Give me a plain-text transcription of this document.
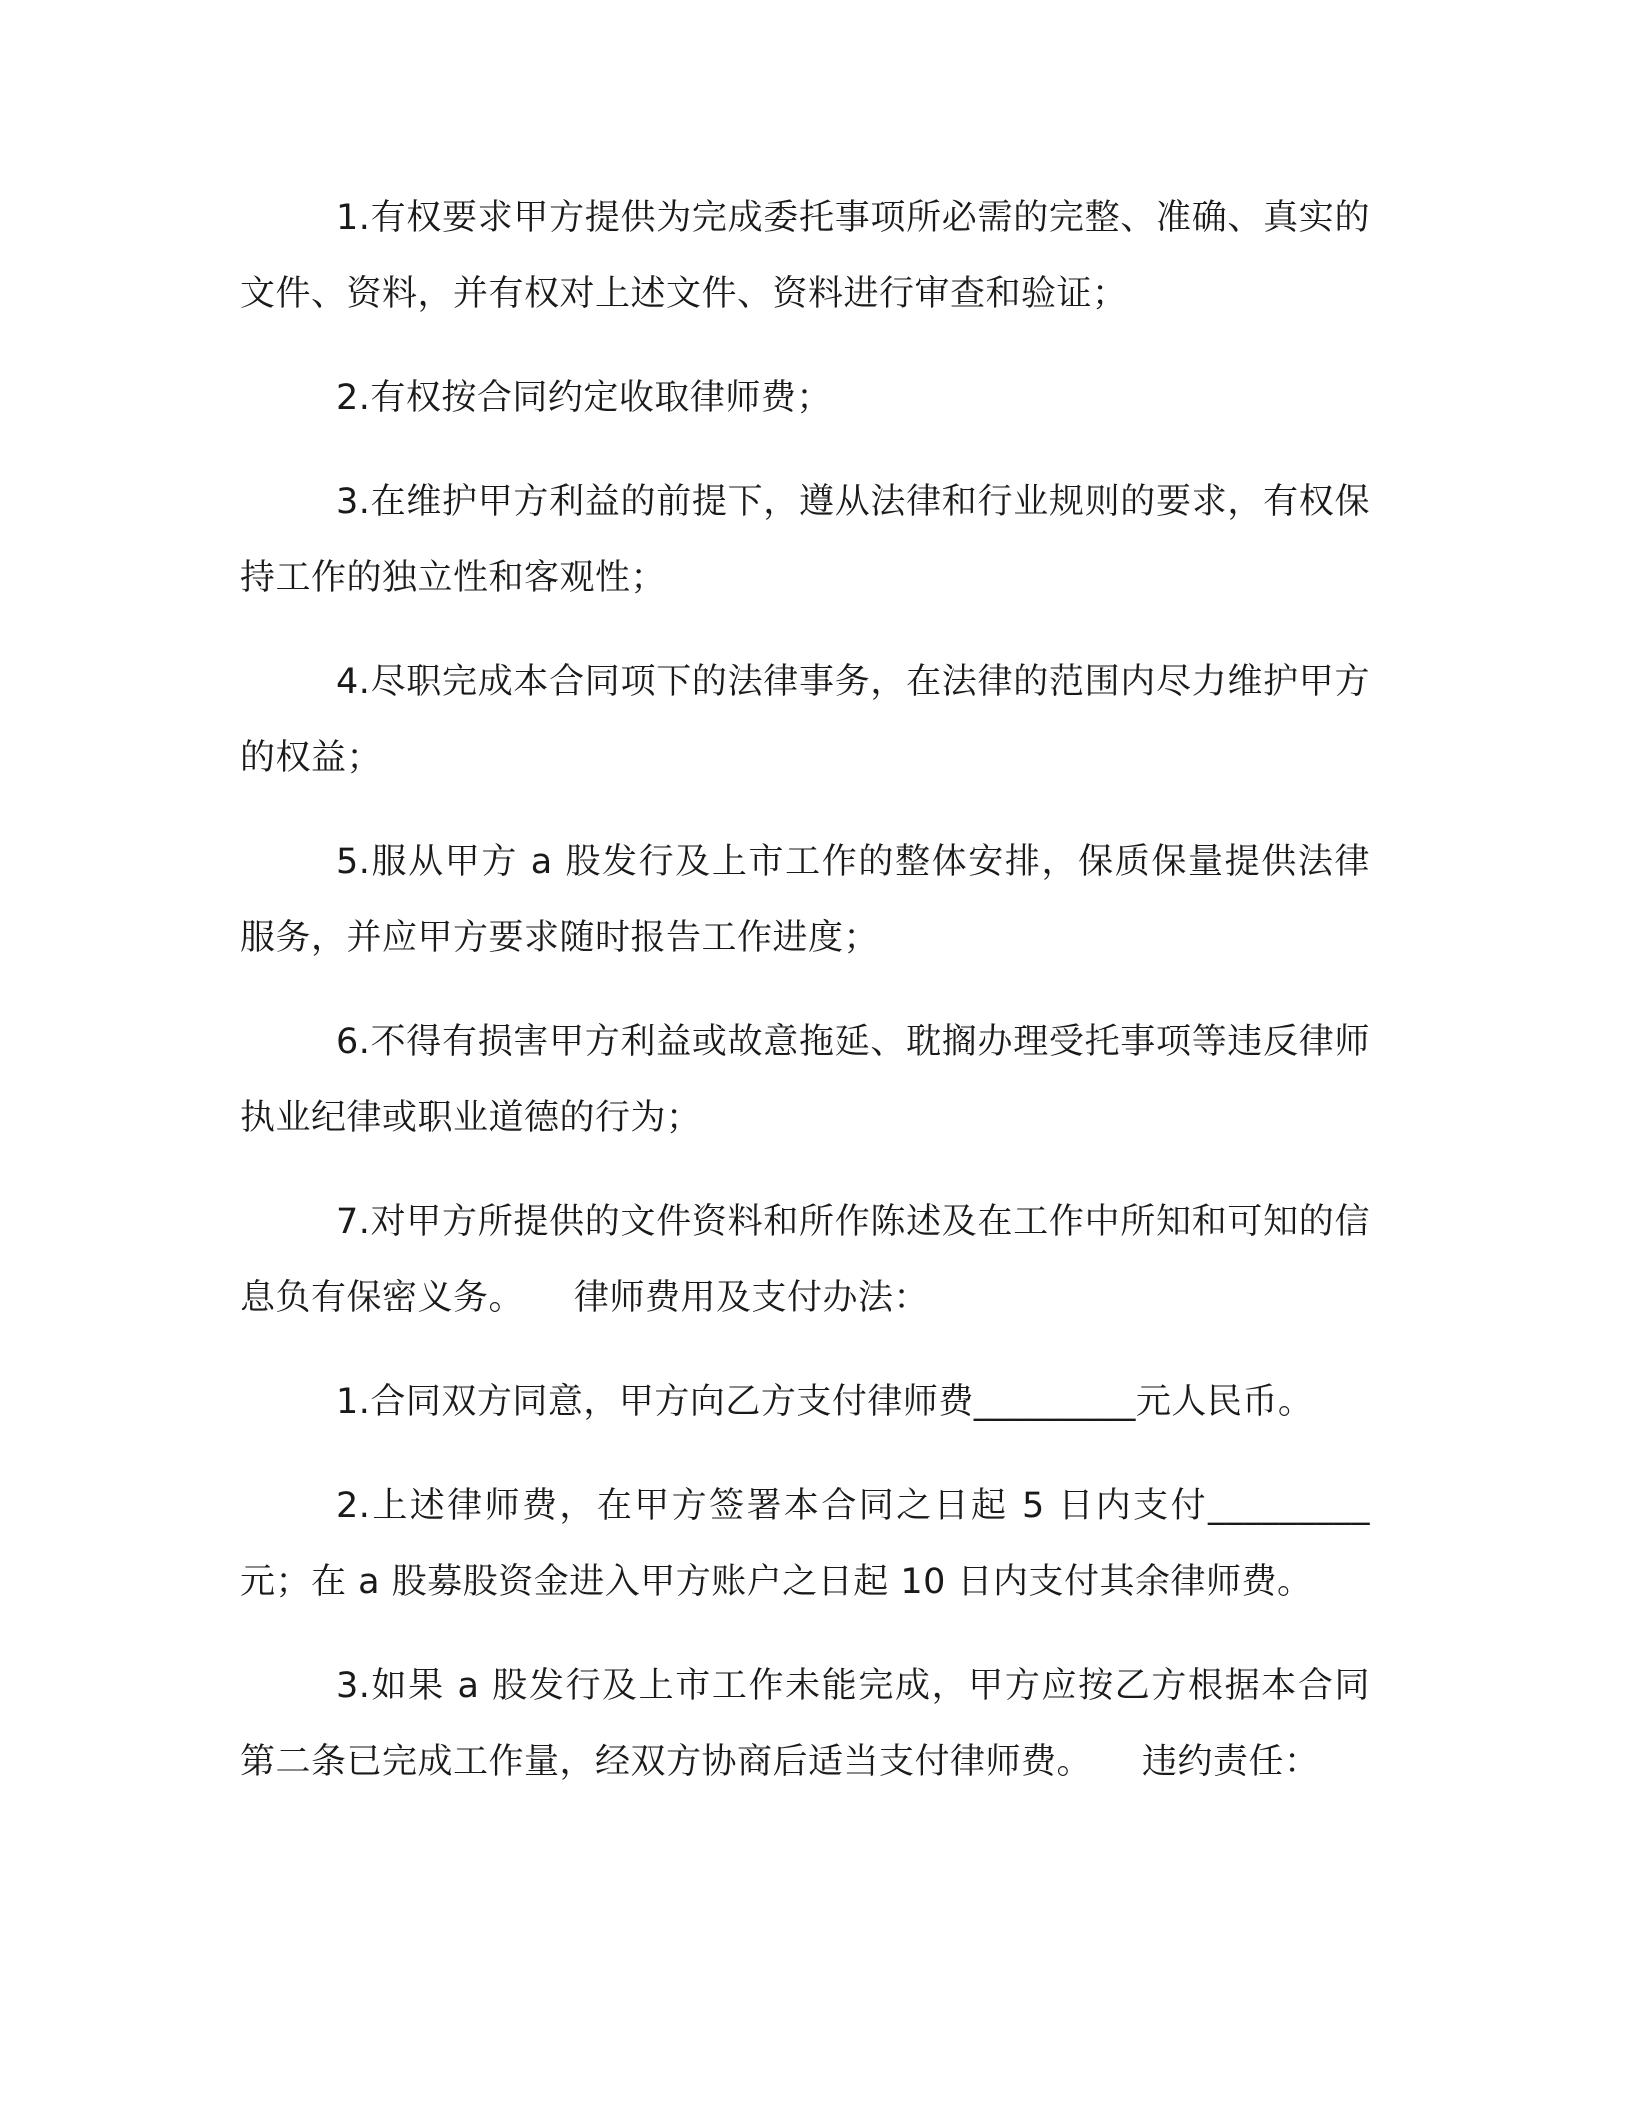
1.有权要求甲方提供为完成委托事项所必需的完整、准确、真实的文件、资料，并有权对上述文件、资料进行审查和验证；

2.有权按合同约定收取律师费；

3.在维护甲方利益的前提下，遵从法律和行业规则的要求，有权保持工作的独立性和客观性；

4.尽职完成本合同项下的法律事务，在法律的范围内尽力维护甲方的权益；

5.服从甲方 a 股发行及上市工作的整体安排，保质保量提供法律服务，并应甲方要求随时报告工作进度；

6.不得有损害甲方利益或故意拖延、耽搁办理受托事项等违反律师执业纪律或职业道德的行为；

7.对甲方所提供的文件资料和所作陈述及在工作中所知和可知的信息负有保密义务。 律师费用及支付办法：

1.合同双方同意，甲方向乙方支付律师费_________元人民币。

2.上述律师费，在甲方签署本合同之日起 5 日内支付_________元；在 a 股募股资金进入甲方账户之日起 10 日内支付其余律师费。

3.如果 a 股发行及上市工作未能完成，甲方应按乙方根据本合同第二条已完成工作量，经双方协商后适当支付律师费。 违约责任：
